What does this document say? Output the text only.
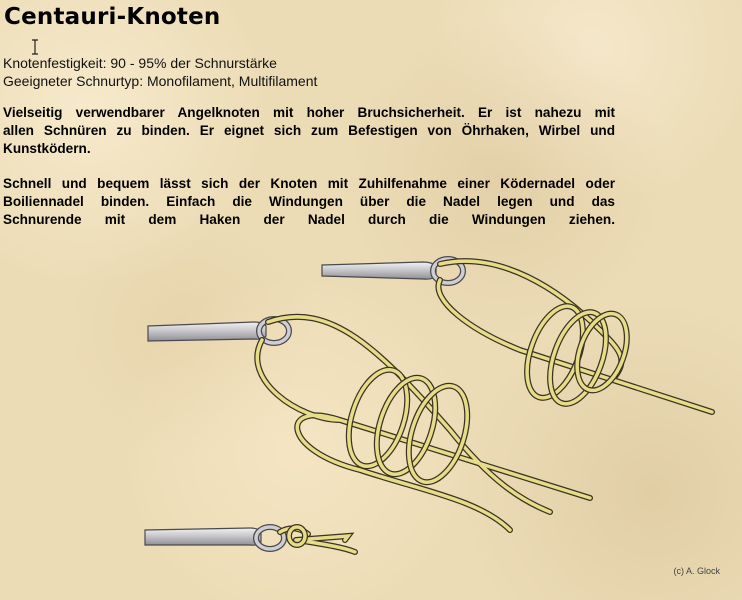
Centauri-Knoten
Knotenfestigkeit: 90 - 95% der Schnurstärke
Geeigneter Schnurtyp: Monofilament, Multifilament
Vielseitig verwendbarer Angelknoten mit hoher Bruchsicherheit. Er ist nahezu mit
allen Schnüren zu binden. Er eignet sich zum Befestigen von Öhrhaken, Wirbel und
Kunstködern.
Schnell und bequem lässt sich der Knoten mit Zuhilfenahme einer Ködernadel oder
Boiliennadel binden. Einfach die Windungen über die Nadel legen und das
Schnurende mit dem Haken der Nadel durch die Windungen ziehen.
(c) A. Glock
